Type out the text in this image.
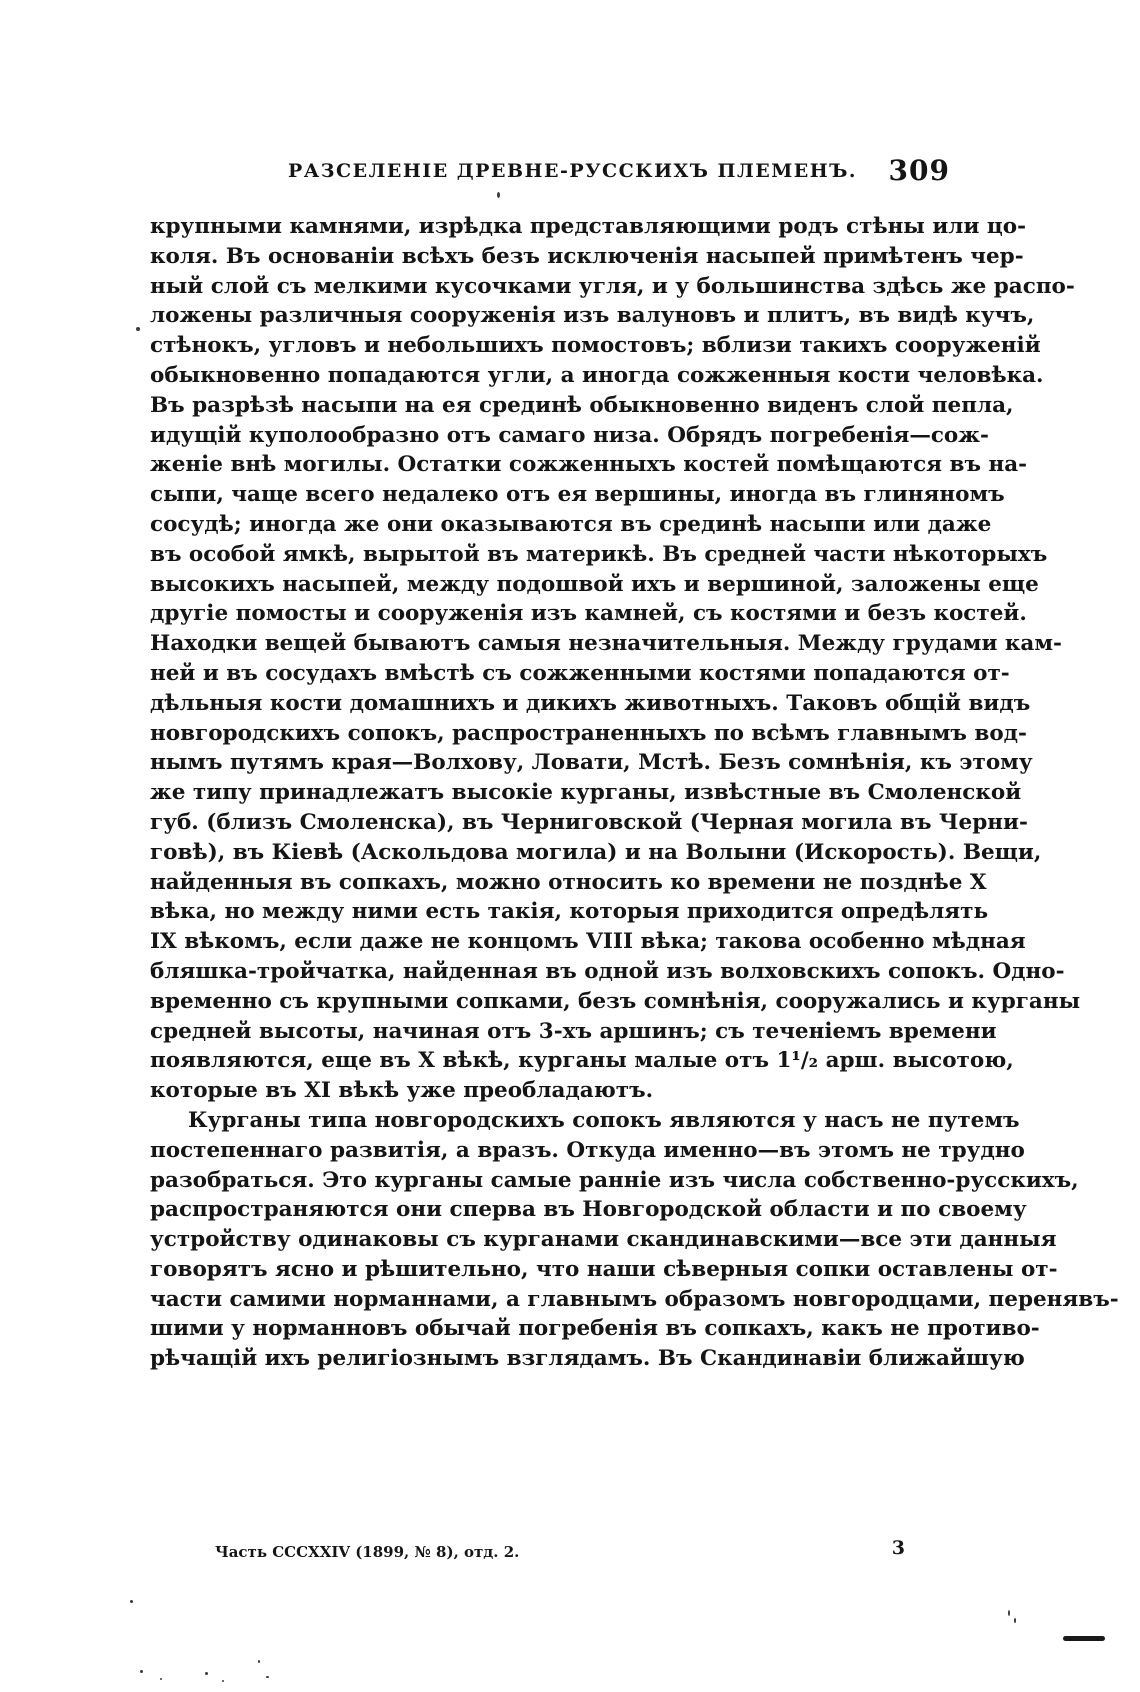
РАЗСЕЛЕНІЕ ДРЕВНЕ-РУССКИХЪ ПЛЕМЕНЪ. 309
крупными камнями, изрѣдка представляющими родъ стѣны или цо-
коля. Въ основаніи всѣхъ безъ исключенія насыпей примѣтенъ чер-
ный слой съ мелкими кусочками угля, и у большинства здѣсь же распо-
ложены различныя сооруженія изъ валуновъ и плитъ, въ видѣ кучъ,
стѣнокъ, угловъ и небольшихъ помостовъ; вблизи такихъ сооруженій
обыкновенно попадаются угли, а иногда сожженныя кости человѣка.
Въ разрѣзѣ насыпи на ея срединѣ обыкновенно виденъ слой пепла,
идущій куполообразно отъ самаго низа. Обрядъ погребенія—сож-
женіе внѣ могилы. Остатки сожженныхъ костей помѣщаются въ на-
сыпи, чаще всего недалеко отъ ея вершины, иногда въ глиняномъ
сосудѣ; иногда же они оказываются въ срединѣ насыпи или даже
въ особой ямкѣ, вырытой въ материкѣ. Въ средней части нѣкоторыхъ
высокихъ насыпей, между подошвой ихъ и вершиной, заложены еще
другіе помосты и сооруженія изъ камней, съ костями и безъ костей.
Находки вещей бываютъ самыя незначительныя. Между грудами кам-
ней и въ сосудахъ вмѣстѣ съ сожженными костями попадаются от-
дѣльныя кости домашнихъ и дикихъ животныхъ. Таковъ общій видъ
новгородскихъ сопокъ, распространенныхъ по всѣмъ главнымъ вод-
нымъ путямъ края—Волхову, Ловати, Мстѣ. Безъ сомнѣнія, къ этому
же типу принадлежатъ высокіе курганы, извѣстные въ Смоленской
губ. (близъ Смоленска), въ Черниговской (Черная могила въ Черни-
говѣ), въ Кіевѣ (Аскольдова могила) и на Волыни (Искорость). Вещи,
найденныя въ сопкахъ, можно относить ко времени не позднѣе X
вѣка, но между ними есть такія, которыя приходится опредѣлять
IX вѣкомъ, если даже не концомъ VIII вѣка; такова особенно мѣдная
бляшка-тройчатка, найденная въ одной изъ волховскихъ сопокъ. Одно-
временно съ крупными сопками, безъ сомнѣнія, сооружались и курганы
средней высоты, начиная отъ 3-хъ аршинъ; съ теченіемъ времени
появляются, еще въ X вѣкѣ, курганы малые отъ 1¹/₂ арш. высотою,
которые въ XI вѣкѣ уже преобладаютъ.
Курганы типа новгородскихъ сопокъ являются у насъ не путемъ
постепеннаго развитія, а вразъ. Откуда именно—въ этомъ не трудно
разобраться. Это курганы самые ранніе изъ числа собственно-русскихъ,
распространяются они сперва въ Новгородской области и по своему
устройству одинаковы съ курганами скандинавскими—все эти данныя
говорятъ ясно и рѣшительно, что наши сѣверныя сопки оставлены от-
части самими норманнами, а главнымъ образомъ новгородцами, перенявъ-
шими у норманновъ обычай погребенія въ сопкахъ, какъ не противо-
рѣчащій ихъ религіознымъ взглядамъ. Въ Скандинавіи ближайшую
Часть CCCXXIV (1899, № 8), отд. 2.	3
